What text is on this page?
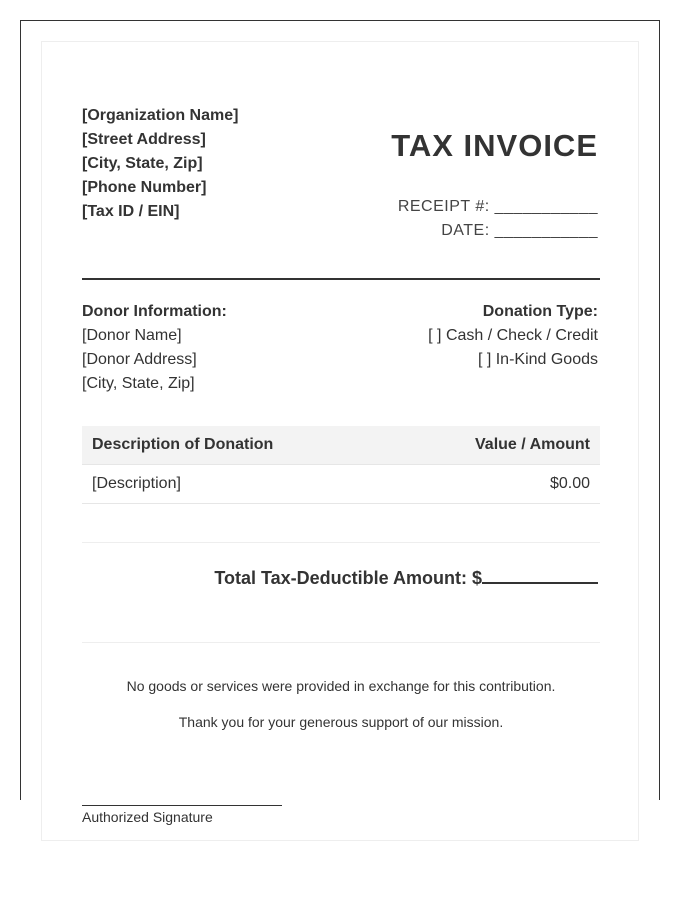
[Organization Name]
[Street Address]
[City, State, Zip]
[Phone Number]
[Tax ID / EIN]
TAX INVOICE
RECEIPT #: ___________
DATE: ___________
Donor Information:
[Donor Name]
[Donor Address]
[City, State, Zip]
Donation Type:
[ ] Cash / Check / Credit
[ ] In-Kind Goods
Description of Donation	Value / Amount
[Description]	$0.00
Total Tax-Deductible Amount: $
No goods or services were provided in exchange for this contribution.
Thank you for your generous support of our mission.
Authorized Signature
